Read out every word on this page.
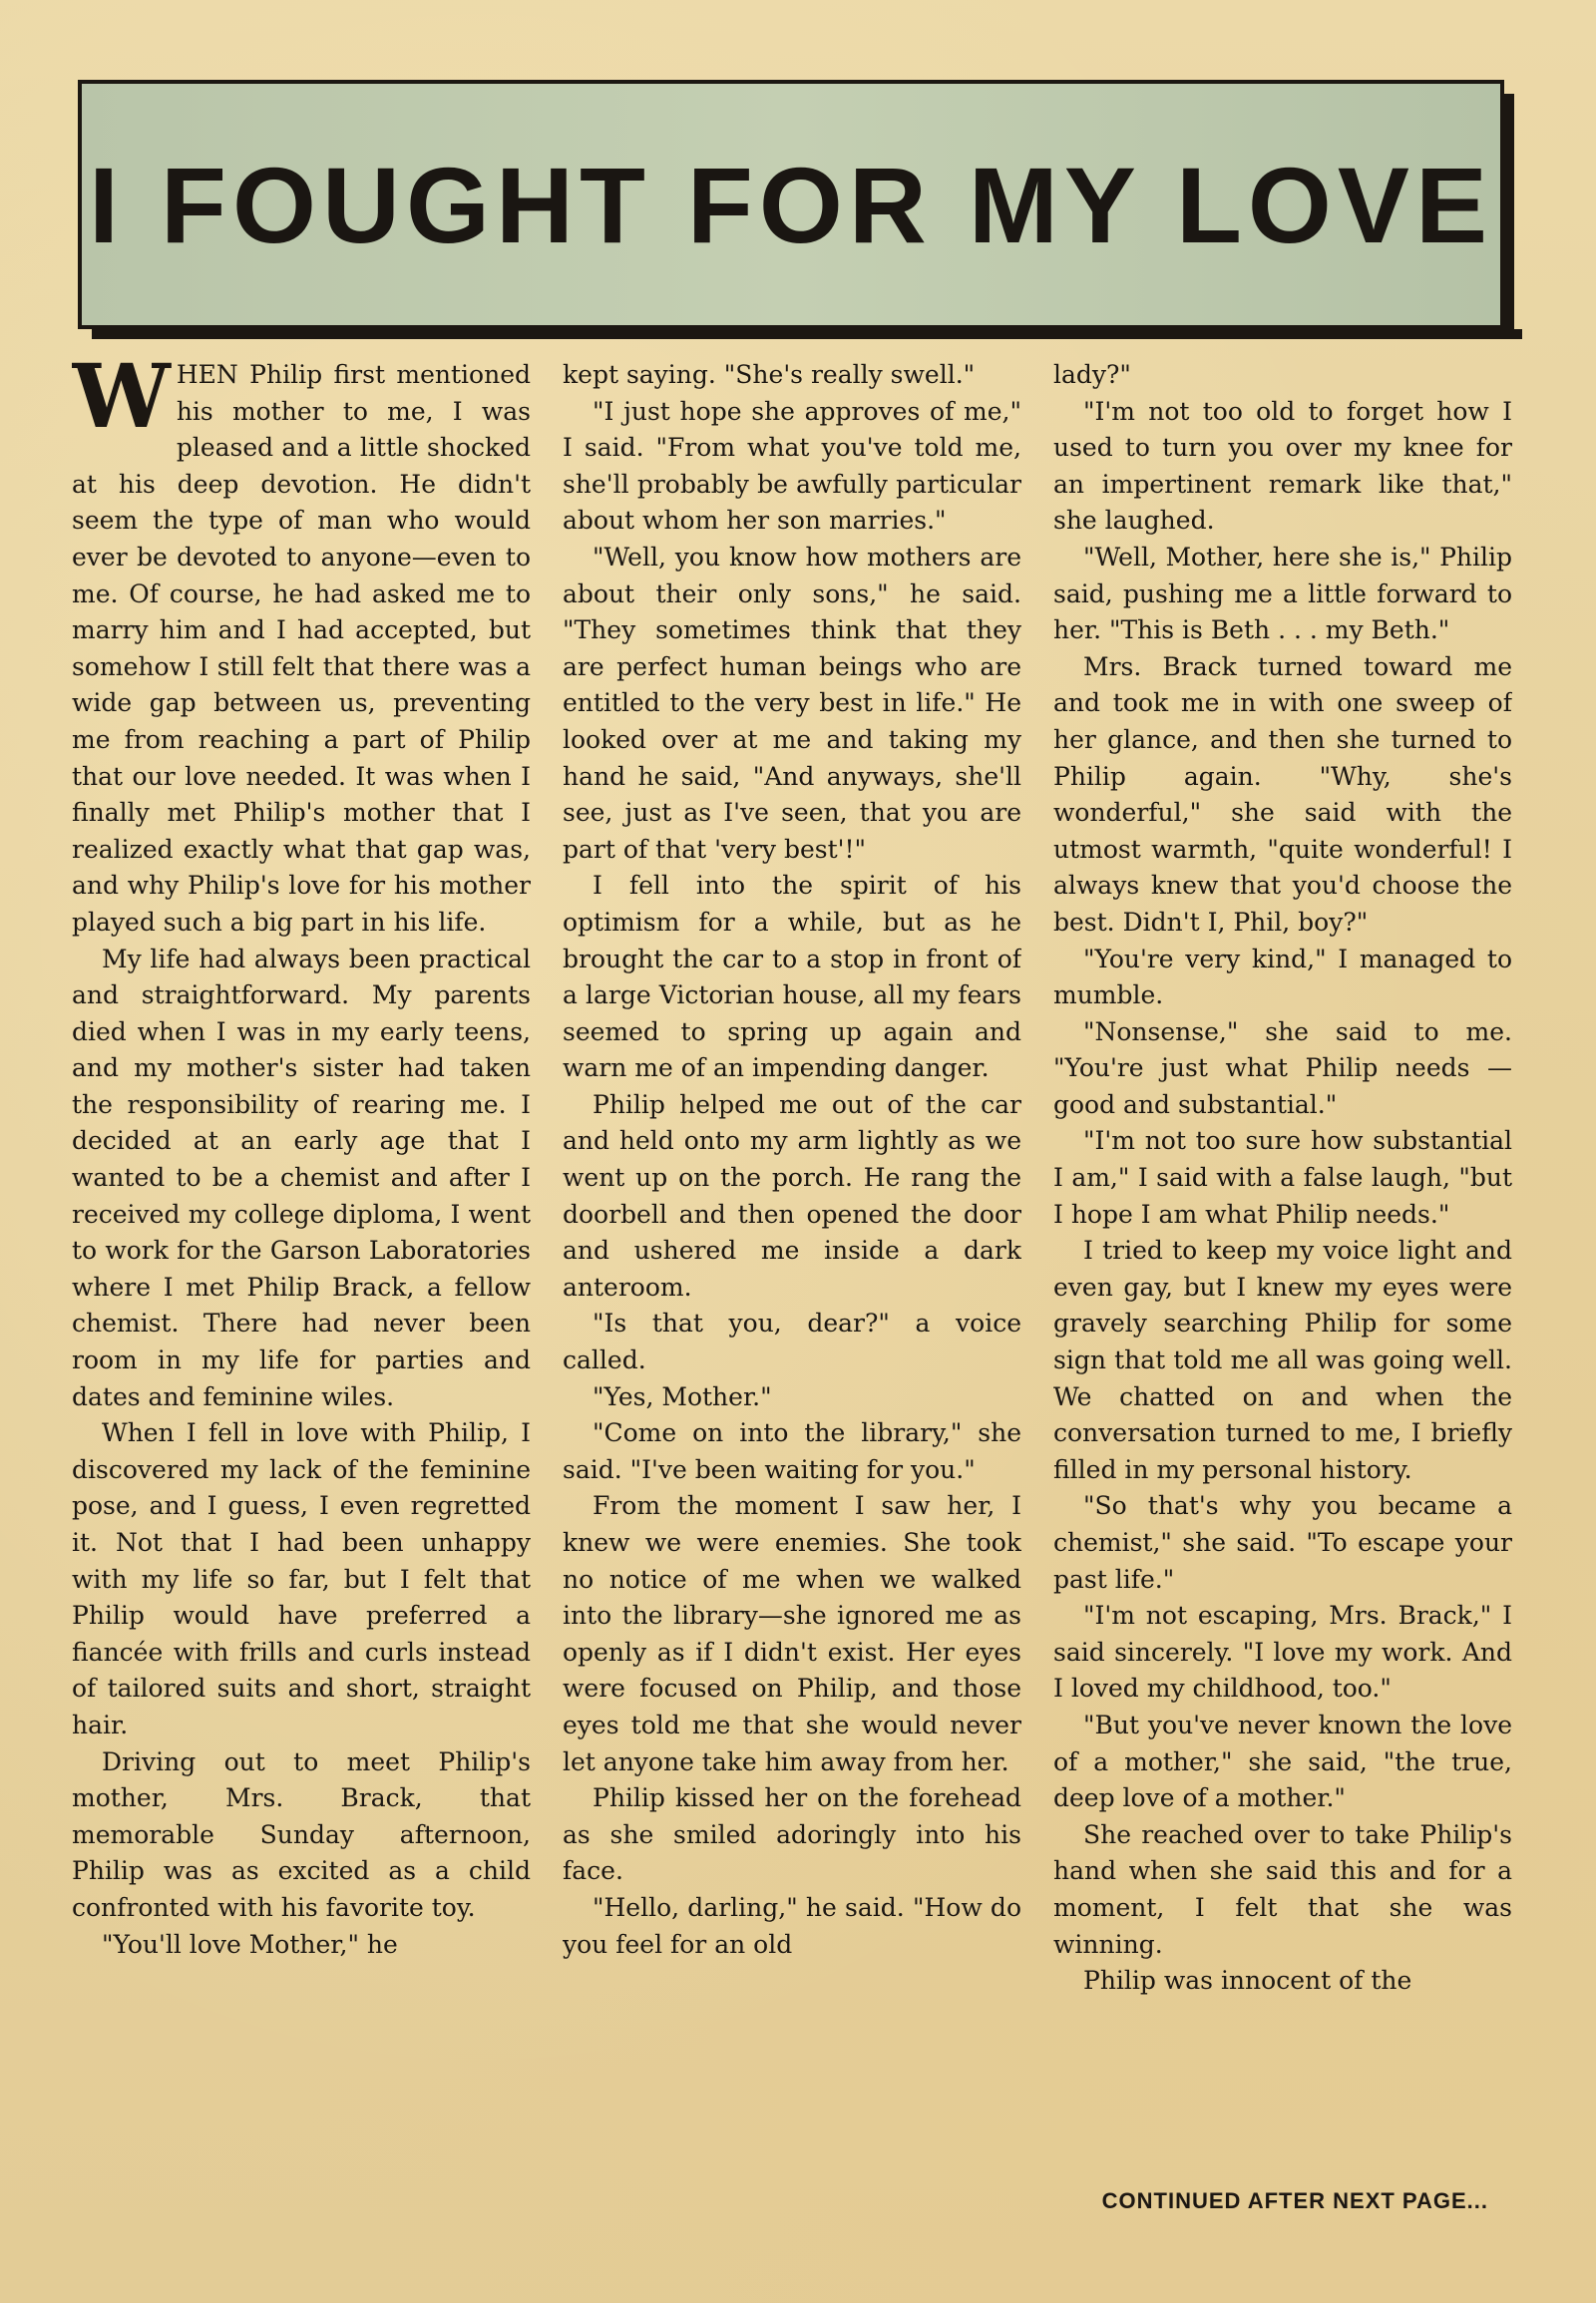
I FOUGHT FOR MY LOVE

WHEN Philip first mentioned his mother to me, I was pleased and a little shocked at his deep devotion. He didn't seem the type of man who would ever be devoted to anyone—even to me. Of course, he had asked me to marry him and I had accepted, but somehow I still felt that there was a wide gap between us, preventing me from reaching a part of Philip that our love needed. It was when I finally met Philip's mother that I realized exactly what that gap was, and why Philip's love for his mother played such a big part in his life.

My life had always been practical and straightforward. My parents died when I was in my early teens, and my mother's sister had taken the responsibility of rearing me. I decided at an early age that I wanted to be a chemist and after I received my college diploma, I went to work for the Garson Laboratories where I met Philip Brack, a fellow chemist. There had never been room in my life for parties and dates and feminine wiles.

When I fell in love with Philip, I discovered my lack of the feminine pose, and I guess, I even regretted it. Not that I had been unhappy with my life so far, but I felt that Philip would have preferred a fiancée with frills and curls instead of tailored suits and short, straight hair.

Driving out to meet Philip's mother, Mrs. Brack, that memorable Sunday afternoon, Philip was as excited as a child confronted with his favorite toy.

"You'll love Mother," he

kept saying. "She's really swell."

"I just hope she approves of me," I said. "From what you've told me, she'll probably be awfully particular about whom her son marries."

"Well, you know how mothers are about their only sons," he said. "They sometimes think that they are perfect human beings who are entitled to the very best in life." He looked over at me and taking my hand he said, "And anyways, she'll see, just as I've seen, that you are part of that 'very best'!"

I fell into the spirit of his optimism for a while, but as he brought the car to a stop in front of a large Victorian house, all my fears seemed to spring up again and warn me of an impending danger.

Philip helped me out of the car and held onto my arm lightly as we went up on the porch. He rang the doorbell and then opened the door and ushered me inside a dark anteroom.

"Is that you, dear?" a voice called.

"Yes, Mother."

"Come on into the library," she said. "I've been waiting for you."

From the moment I saw her, I knew we were enemies. She took no notice of me when we walked into the library—she ignored me as openly as if I didn't exist. Her eyes were focused on Philip, and those eyes told me that she would never let anyone take him away from her.

Philip kissed her on the forehead as she smiled adoringly into his face.

"Hello, darling," he said. "How do you feel for an old

lady?"

"I'm not too old to forget how I used to turn you over my knee for an impertinent remark like that," she laughed.

"Well, Mother, here she is," Philip said, pushing me a little forward to her. "This is Beth . . . my Beth."

Mrs. Brack turned toward me and took me in with one sweep of her glance, and then she turned to Philip again. "Why, she's wonderful," she said with the utmost warmth, "quite wonderful! I always knew that you'd choose the best. Didn't I, Phil, boy?"

"You're very kind," I managed to mumble.

"Nonsense," she said to me. "You're just what Philip needs —good and substantial."

"I'm not too sure how substantial I am," I said with a false laugh, "but I hope I am what Philip needs."

I tried to keep my voice light and even gay, but I knew my eyes were gravely searching Philip for some sign that told me all was going well. We chatted on and when the conversation turned to me, I briefly filled in my personal history.

"So that's why you became a chemist," she said. "To escape your past life."

"I'm not escaping, Mrs. Brack," I said sincerely. "I love my work. And I loved my childhood, too."

"But you've never known the love of a mother," she said, "the true, deep love of a mother."

She reached over to take Philip's hand when she said this and for a moment, I felt that she was winning.

Philip was innocent of the

CONTINUED AFTER NEXT PAGE...
